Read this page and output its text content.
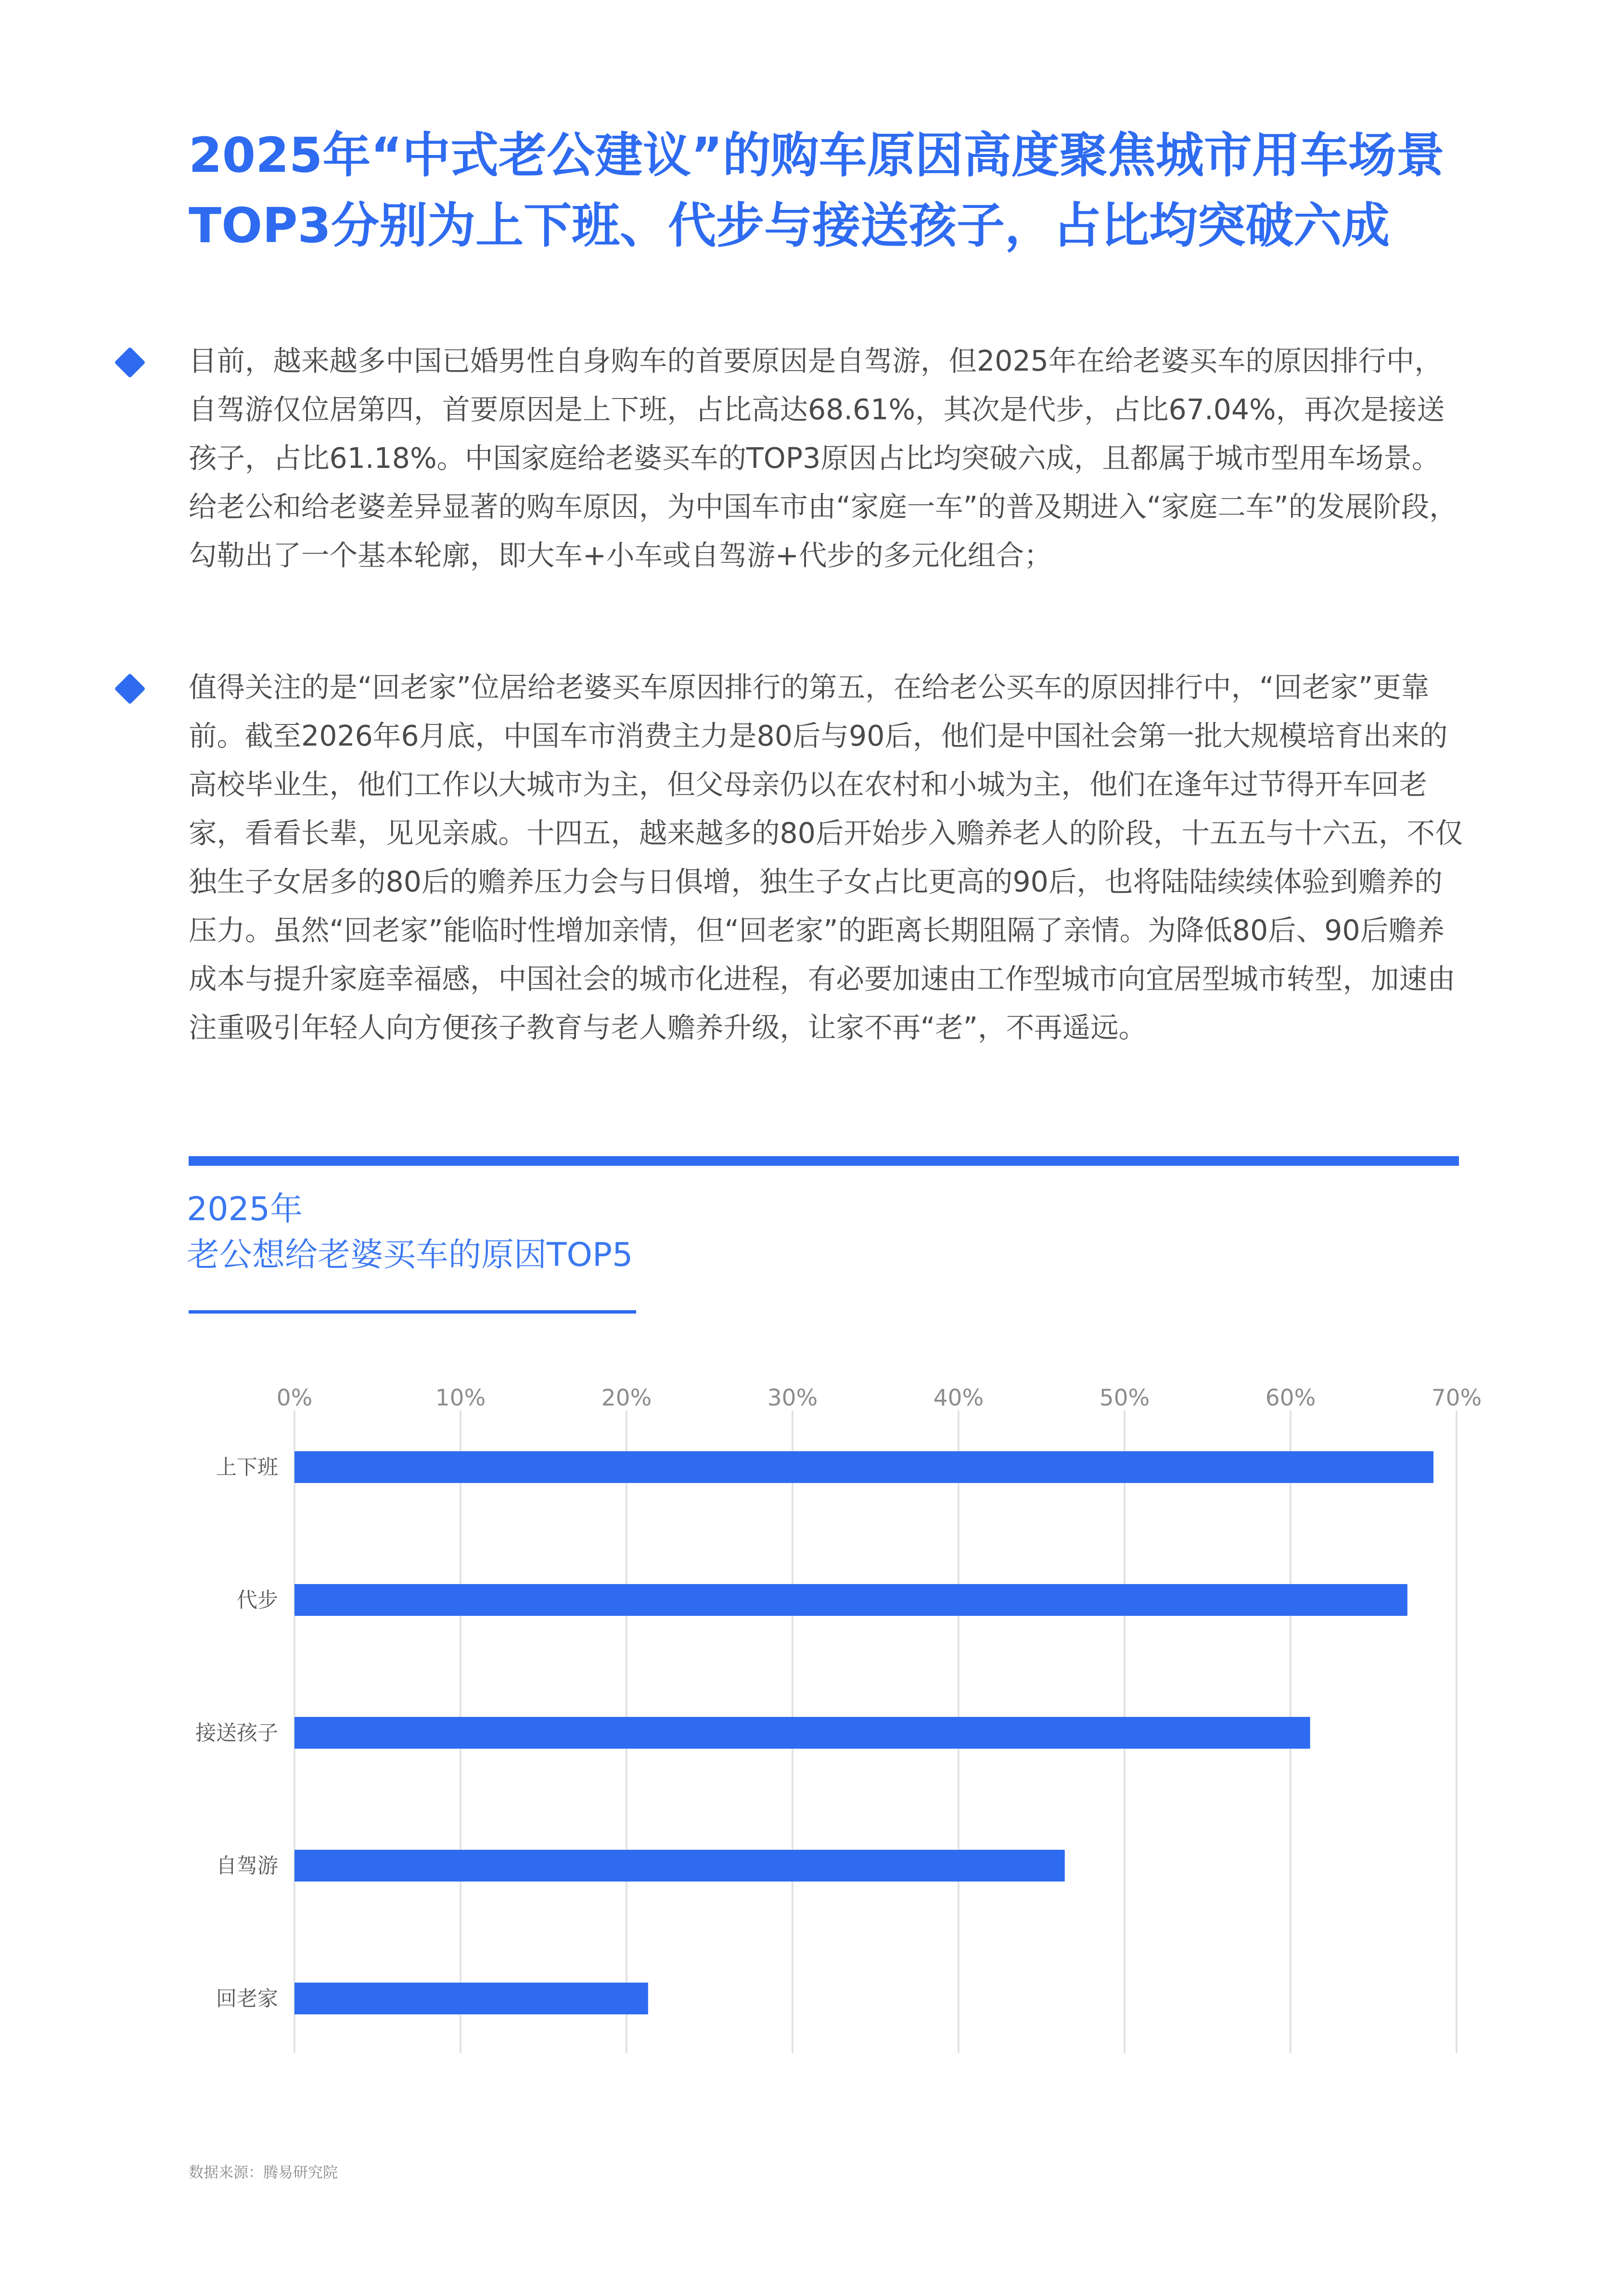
2025年“中式老公建议”的购车原因高度聚焦城市用车场景
TOP3分别为上下班、代步与接送孩子，占比均突破六成

目前，越来越多中国已婚男性自身购车的首要原因是自驾游，但2025年在给老婆买车的原因排行中，自驾游仅位居第四，首要原因是上下班，占比高达68.61%，其次是代步，占比67.04%，再次是接送孩子，占比61.18%。中国家庭给老婆买车的TOP3原因占比均突破六成，且都属于城市型用车场景。给老公和给老婆差异显著的购车原因，为中国车市由“家庭一车”的普及期进入“家庭二车”的发展阶段，勾勒出了一个基本轮廓，即大车+小车或自驾游+代步的多元化组合；

值得关注的是“回老家”位居给老婆买车原因排行的第五，在给老公买车的原因排行中，“回老家”更靠前。截至2026年6月底，中国车市消费主力是80后与90后，他们是中国社会第一批大规模培育出来的高校毕业生，他们工作以大城市为主，但父母亲仍以在农村和小城为主，他们在逢年过节得开车回老家，看看长辈，见见亲戚。十四五，越来越多的80后开始步入赡养老人的阶段，十五五与十六五，不仅独生子女居多的80后的赡养压力会与日俱增，独生子女占比更高的90后，也将陆陆续续体验到赡养的压力。虽然“回老家”能临时性增加亲情，但“回老家”的距离长期阻隔了亲情。为降低80后、90后赡养成本与提升家庭幸福感，中国社会的城市化进程，有必要加速由工作型城市向宜居型城市转型，加速由注重吸引年轻人向方便孩子教育与老人赡养升级，让家不再“老”，不再遥远。

2025年
老公想给老婆买车的原因TOP5
0%	10%	20%	30%	40%	50%	60%	70%
上下班
代步
接送孩子
自驾游
回老家
数据来源：腾易研究院
